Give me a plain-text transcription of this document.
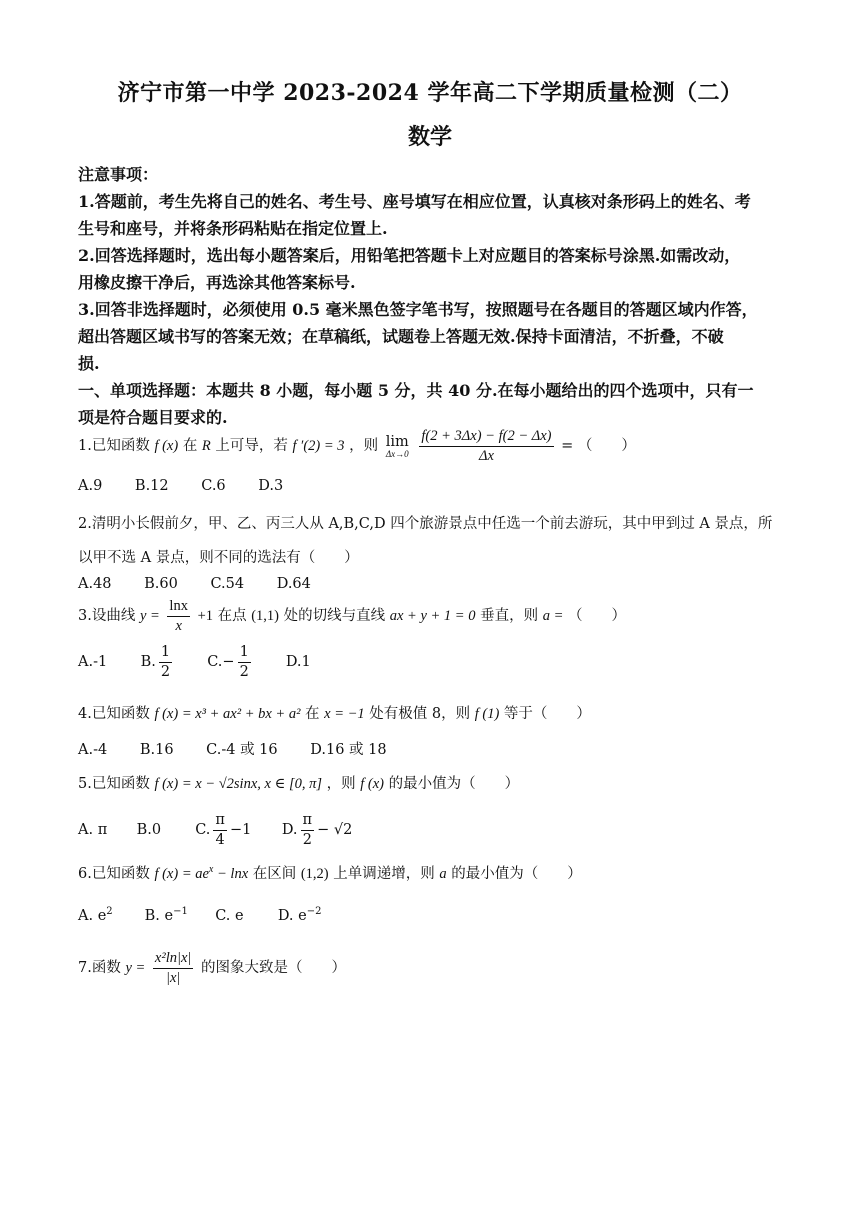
济宁市第一中学 2023-2024 学年高二下学期质量检测（二）
数学
注意事项：
1.答题前，考生先将自己的姓名、考生号、座号填写在相应位置，认真核对条形码上的姓名、考
生号和座号，并将条形码粘贴在指定位置上.
2.回答选择题时，选出每小题答案后，用铅笔把答题卡上对应题目的答案标号涂黑.如需改动，
用橡皮擦干净后，再选涂其他答案标号.
3.回答非选择题时，必须使用 0.5 毫米黑色签字笔书写，按照题号在各题目的答题区域内作答，
超出答题区域书写的答案无效；在草稿纸，试题卷上答题无效.保持卡面清洁，不折叠，不破
损.
一、单项选择题：本题共 8 小题，每小题 5 分，共 40 分.在每小题给出的四个选项中，只有一
项是符合题目要求的.
1.已知函数 f (x) 在 R 上可导，若 f ′(2) = 3 ，则 lim
Δx→0
$\frac{f(2 + 3\Delta x) - f(2 - \Delta x)}{\Delta x}$ = （　　）
A.9 B.12 C.6 D.3
2.清明小长假前夕，甲、乙、丙三人从 A,B,C,D 四个旅游景点中任选一个前去游玩，其中甲到过 A 景点，所
以甲不选 A 景点，则不同的选法有（　　）
A.48 B.60 C.54 D.64
3.设曲线 $y = \frac{\ln x}{x} +1$ 在点 (1,1) 处的切线与直线 ax + y + 1 = 0 垂直，则 a = （　　）
A.-1 B. $\frac{1}{2} C.- \frac{1}{2} D.1$
4.已知函数 f (x) = x³ + ax² + bx + a² 在 x = −1 处有极值 8，则 f (1) 等于（　　）
A.-4 B.16 C.-4 或 16 D.16 或 18
5.已知函数 f (x) = x − √2sinx, x ∈ [0, π] ，则 f (x) 的最小值为（　　）
A. π B.0 C. $\frac{\pi}{4} -1$ D. $\frac{\pi}{2} - √2$
6.已知函数 f $(x) = ae^x - \ln x$ 在区间 (1,2) 上单调递增，则 a 的最小值为（　　）
A. $e^2$ B. $e^{-1}$ C. e D. $e^{-2}$
7.函数 $y = \frac{\text{x²ln|x|}}{|x|}$ 的图象大致是（　　）
